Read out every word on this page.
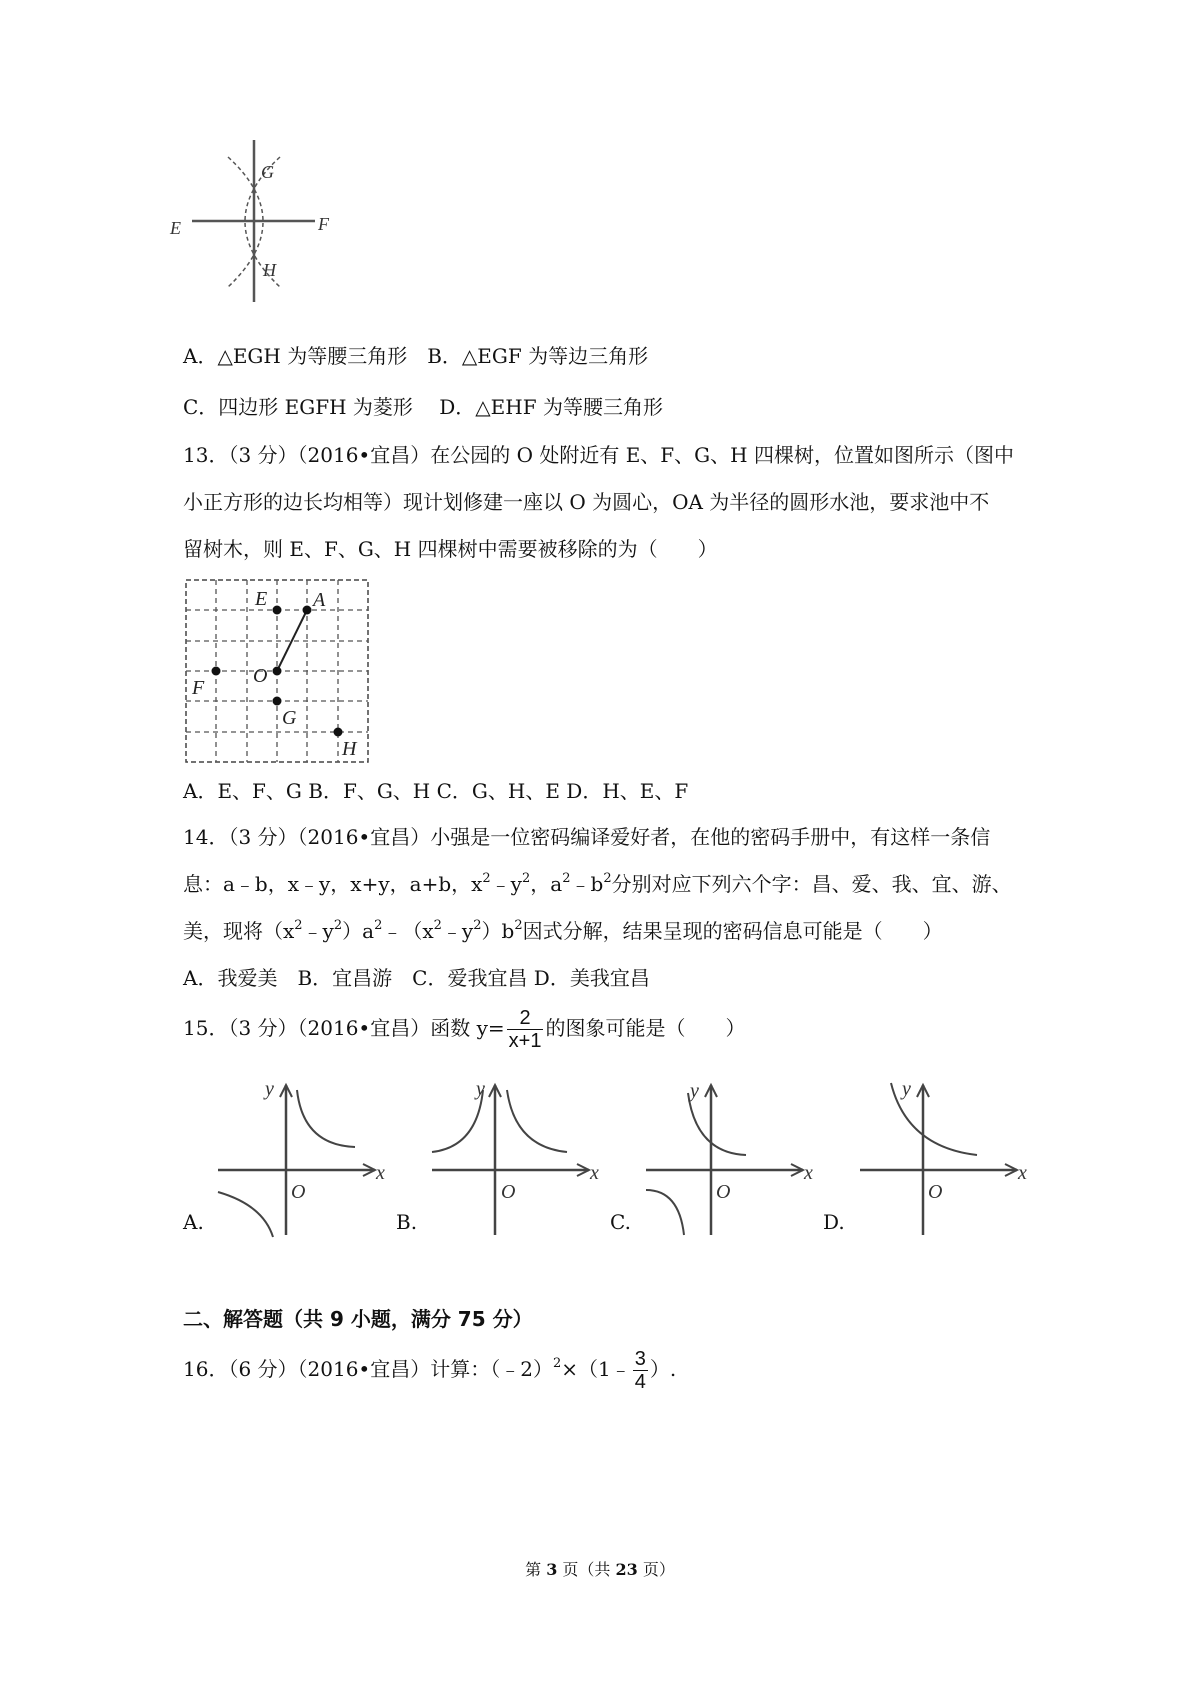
E	F
G
H
A．△EGH 为等腰三角形　B．△EGF 为等边三角形
C．四边形 EGFH 为菱形　 D．△EHF 为等腰三角形
13．（3 分）（2016•宜昌）在公园的 O 处附近有 E、F、G、H 四棵树，位置如图所示（图中
小正方形的边长均相等）现计划修建一座以 O 为圆心，OA 为半径的圆形水池，要求池中不
留树木，则 E、F、G、H 四棵树中需要被移除的为（　　）
E A
F
O
G
H
A．E、F、G B．F、G、H C．G、H、E D．H、E、F
14．（3 分）（2016•宜昌）小强是一位密码编译爱好者，在他的密码手册中，有这样一条信
息：a﹣b，x﹣y，x+y，a+b，$x^2﹣y^2$，$a^2﹣b^2$分别对应下列六个字：昌、爱、我、宜、游、
美，现将$(x^2﹣y^2)a^2﹣(x^2﹣y^2)b^2$因式分解，结果呈现的密码信息可能是（　　）
A．我爱美　B．宜昌游　C．爱我宜昌 D．美我宜昌
15．（3 分）（2016•宜昌）函数 $y= \frac{2}{x+1}$ 的图象可能是（　　）
A.
y
x
O
B.
y
x
O
C.
y
x
O
D.
y
x
O
二、解答题（共 9 小题，满分 75 分）
16．（6 分）（2016•宜昌）计算：（﹣2）$^2$×（1﹣ $\frac{3}{4}$ ）.
第 3 页（共 23 页）
